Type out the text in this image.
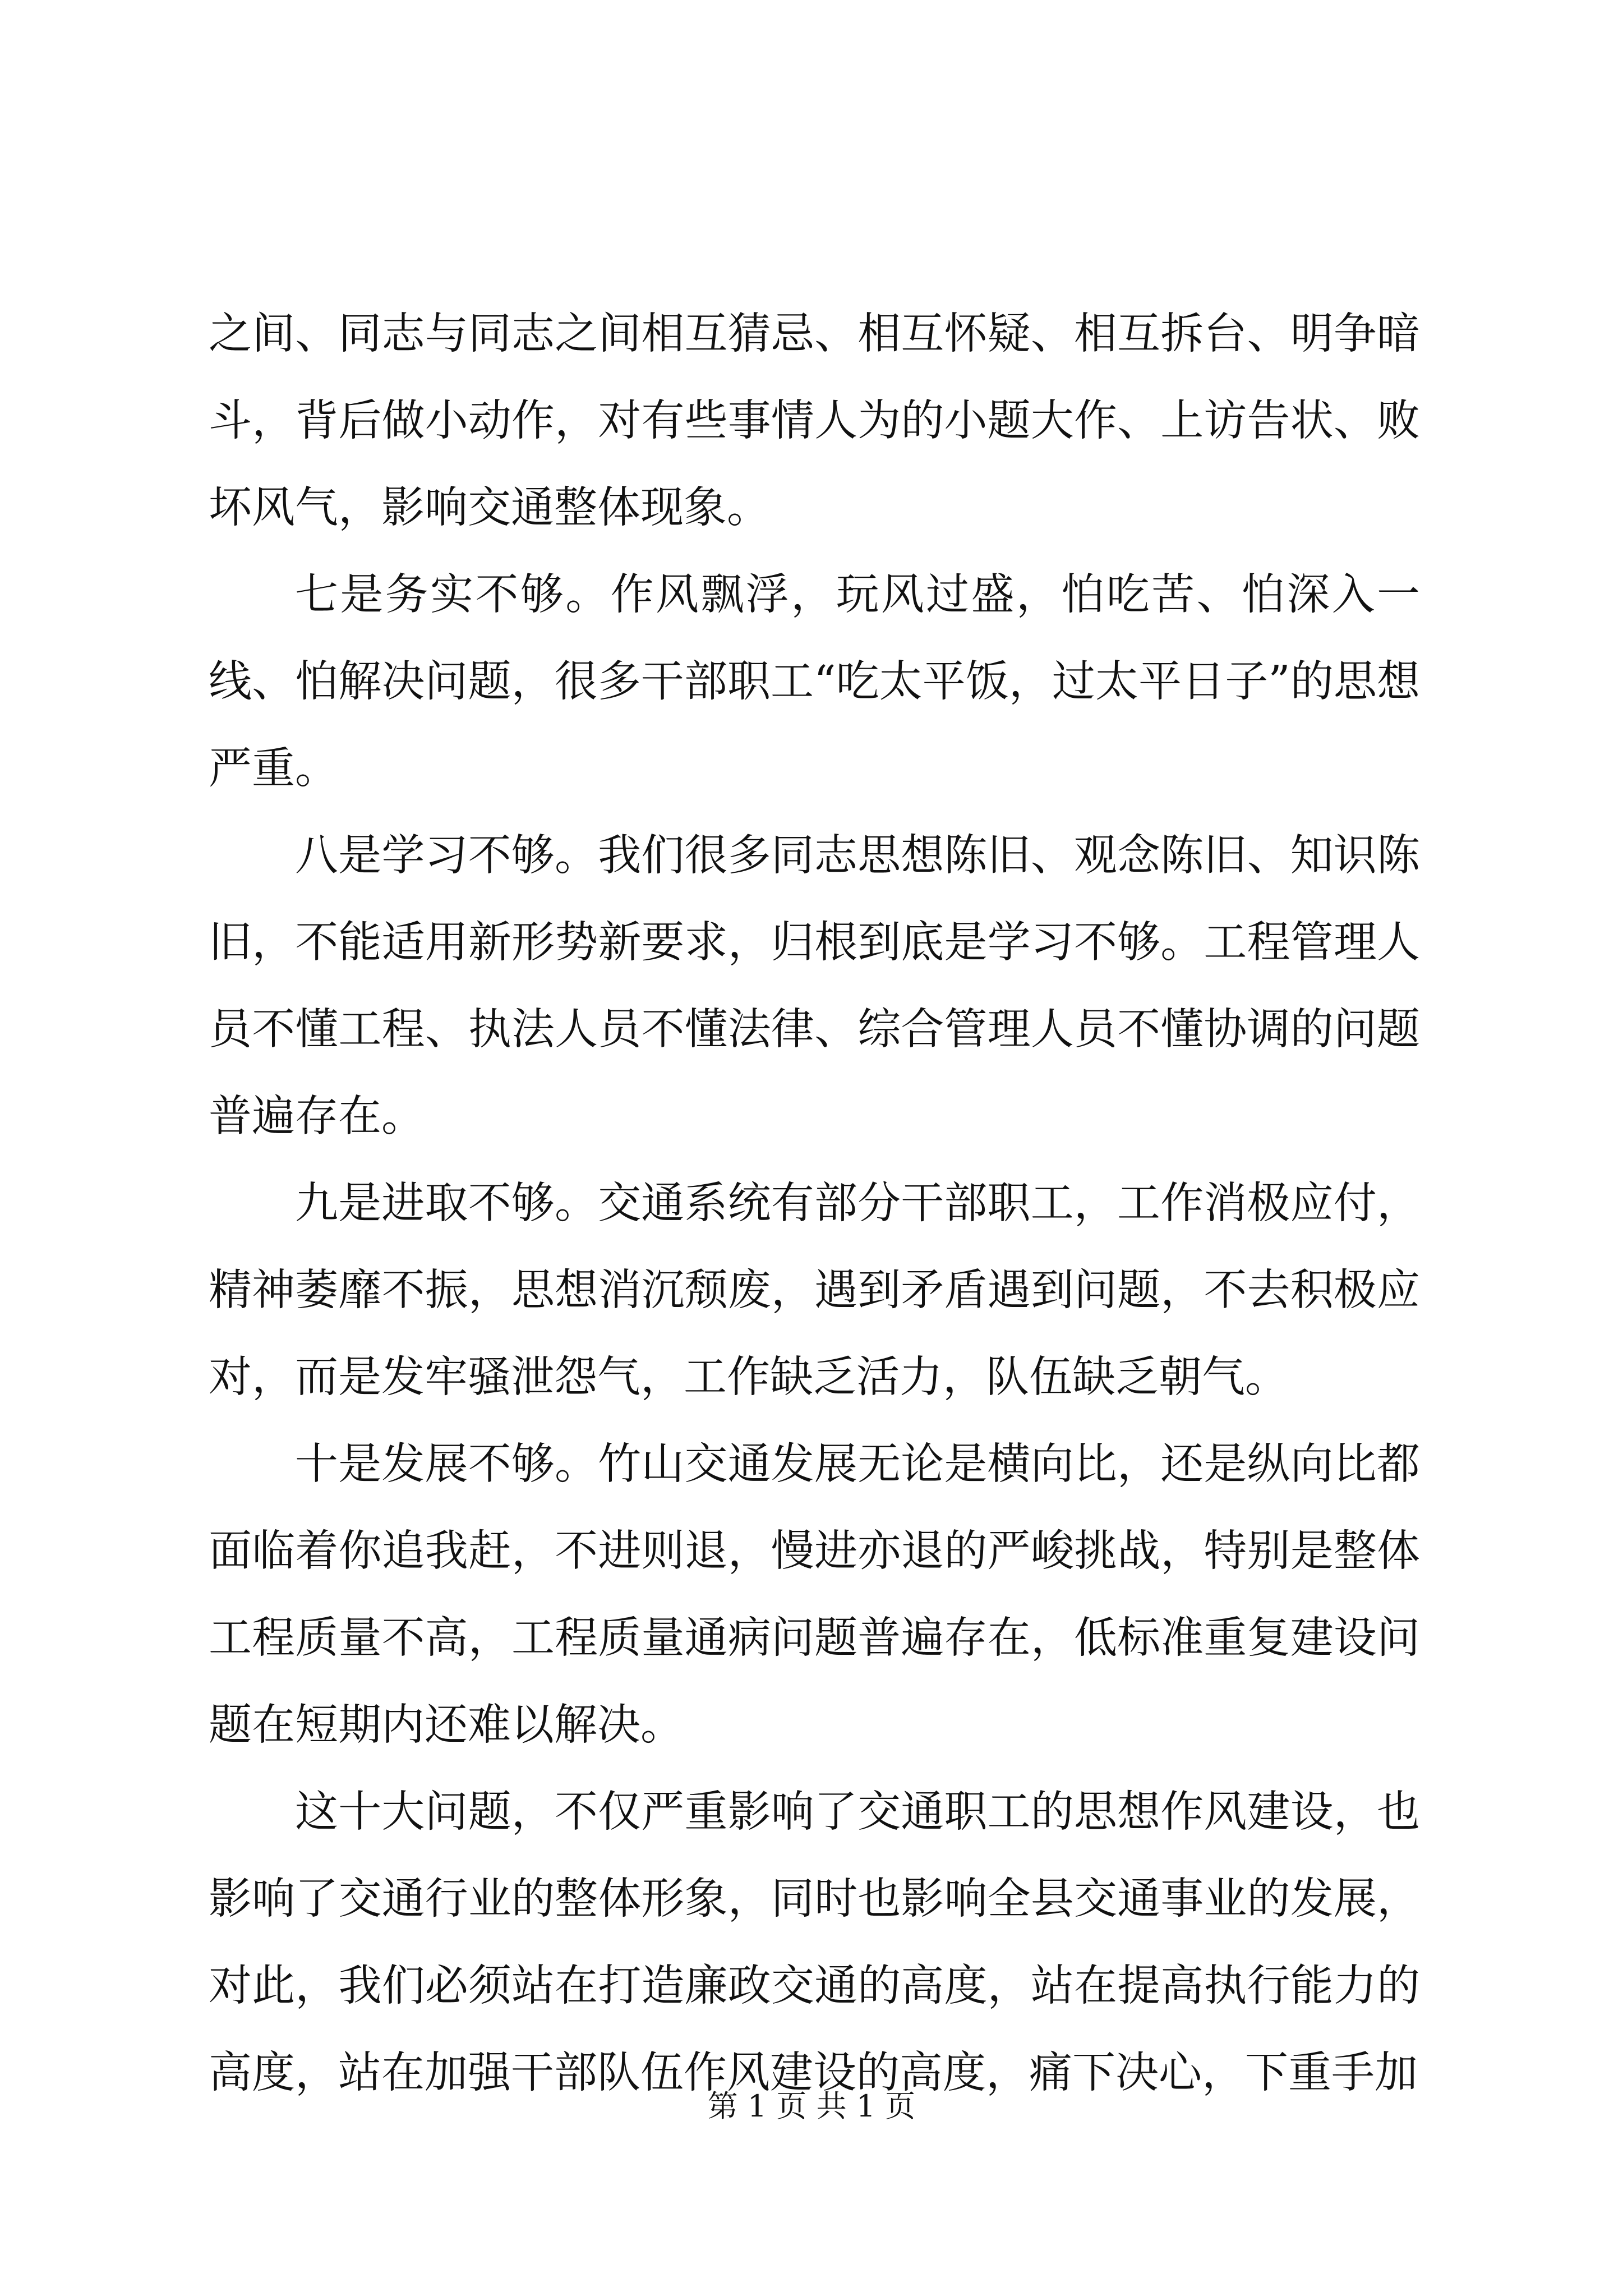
之间、同志与同志之间相互猜忌、相互怀疑、相互拆台、明争暗斗，背后做小动作，对有些事情人为的小题大作、上访告状、败坏风气，影响交通整体现象。

七是务实不够。作风飘浮，玩风过盛，怕吃苦、怕深入一线、怕解决问题，很多干部职工“吃太平饭，过太平日子”的思想严重。

八是学习不够。我们很多同志思想陈旧、观念陈旧、知识陈旧，不能适用新形势新要求，归根到底是学习不够。工程管理人员不懂工程、执法人员不懂法律、综合管理人员不懂协调的问题普遍存在。

九是进取不够。交通系统有部分干部职工，工作消极应付，精神萎靡不振，思想消沉颓废，遇到矛盾遇到问题，不去积极应对，而是发牢骚泄怨气，工作缺乏活力，队伍缺乏朝气。

十是发展不够。竹山交通发展无论是横向比，还是纵向比都面临着你追我赶，不进则退，慢进亦退的严峻挑战，特别是整体工程质量不高，工程质量通病问题普遍存在，低标准重复建设问题在短期内还难以解决。

这十大问题，不仅严重影响了交通职工的思想作风建设，也影响了交通行业的整体形象，同时也影响全县交通事业的发展，对此，我们必须站在打造廉政交通的高度，站在提高执行能力的高度，站在加强干部队伍作风建设的高度，痛下决心，下重手加

第 1 页 共 1 页
